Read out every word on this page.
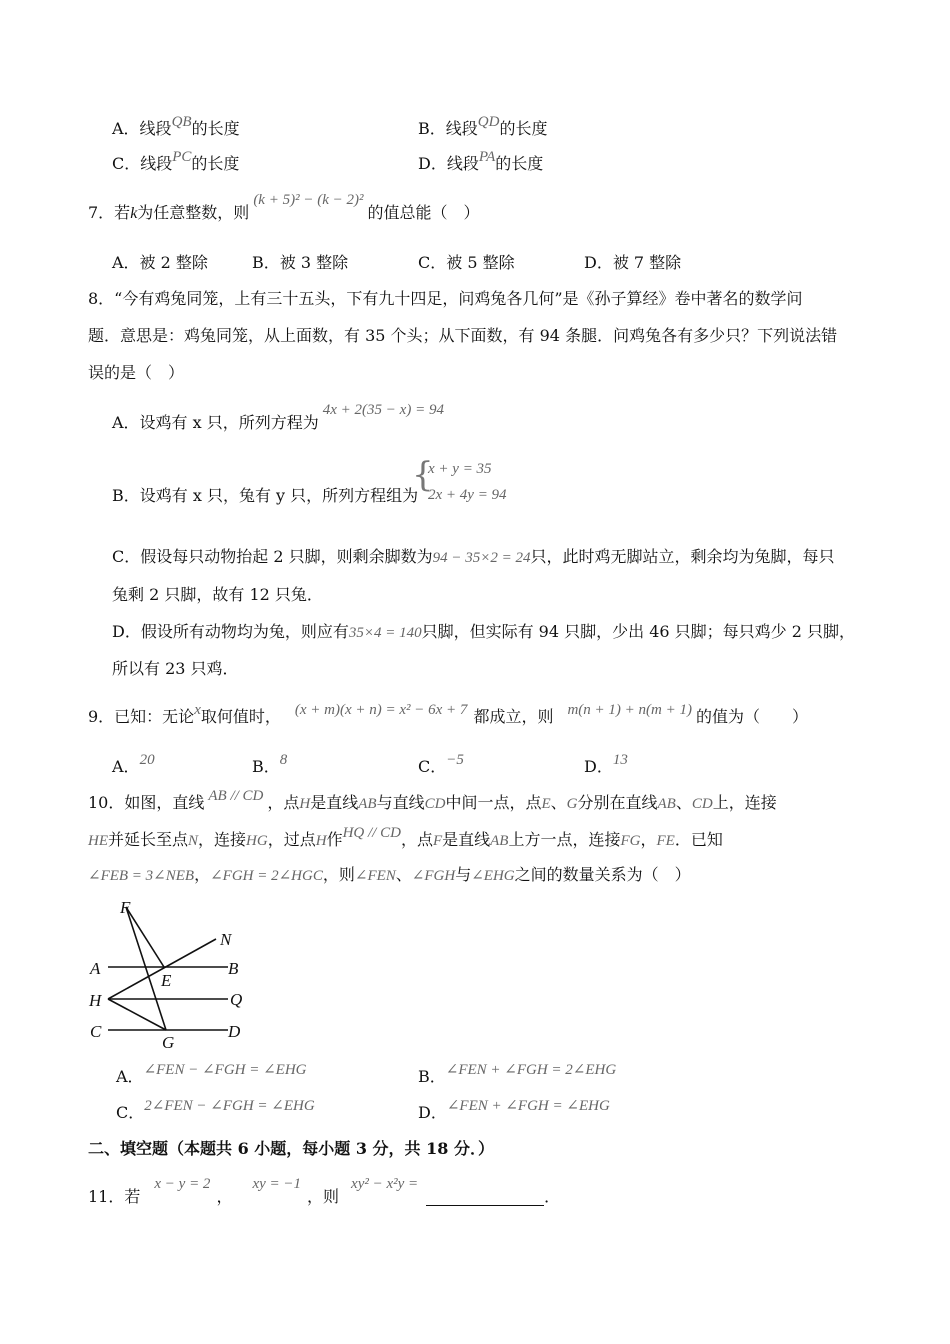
A．线段QB的长度	B．线段QD的长度
C．线段PC的长度	D．线段PA的长度
7．若k为任意整数，则(k + 5)² − (k − 2)²的值总能（　）
A．被 2 整除	B．被 3 整除	C．被 5 整除	D．被 7 整除
8．“今有鸡兔同笼，上有三十五头，下有九十四足，问鸡兔各几何”是《孙子算经》卷中著名的数学问
题．意思是：鸡兔同笼，从上面数，有 35 个头；从下面数，有 94 条腿．问鸡兔各有多少只？下列说法错
误的是（　）
A．设鸡有 x 只，所列方程为4x + 2(35 − x) = 94
B．设鸡有 x 只，兔有 y 只，所列方程组为
{
x + y = 35
2x + 4y = 94
C．假设每只动物抬起 2 只脚，则剩余脚数为94 − 35×2 = 24只，此时鸡无脚站立，剩余均为兔脚，每只
兔剩 2 只脚，故有 12 只兔．
D．假设所有动物均为兔，则应有35×4 = 140只脚，但实际有 94 只脚，少出 46 只脚；每只鸡少 2 只脚，
所以有 23 只鸡．
9．已知：无论x取何值时， (x + m)(x + n) = x² − 6x + 7 都成立，则 m(n + 1) + n(m + 1) 的值为（　　）
A．20	B．8	C．−5	D．13
10．如图，直线 AB // CD ，点H是直线AB与直线CD中间一点，点E、G分别在直线AB、CD上，连接
HE并延长至点N，连接HG，过点H作HQ // CD，点F是直线AB上方一点，连接FG，FE．已知
∠FEB = 3∠NEB，∠FGH = 2∠HGC，则∠FEN、∠FGH与∠EHG之间的数量关系为（　）
F
N
A	B
E
H	Q
C	D
G
A．∠FEN − ∠FGH = ∠EHG	B．∠FEN + ∠FGH = 2∠EHG
C．2∠FEN − ∠FGH = ∠EHG	D．∠FEN + ∠FGH = ∠EHG
二、填空题（本题共 6 小题，每小题 3 分，共 18 分．）
11．若x − y = 2，xy = −1，则xy² − x²y =．
